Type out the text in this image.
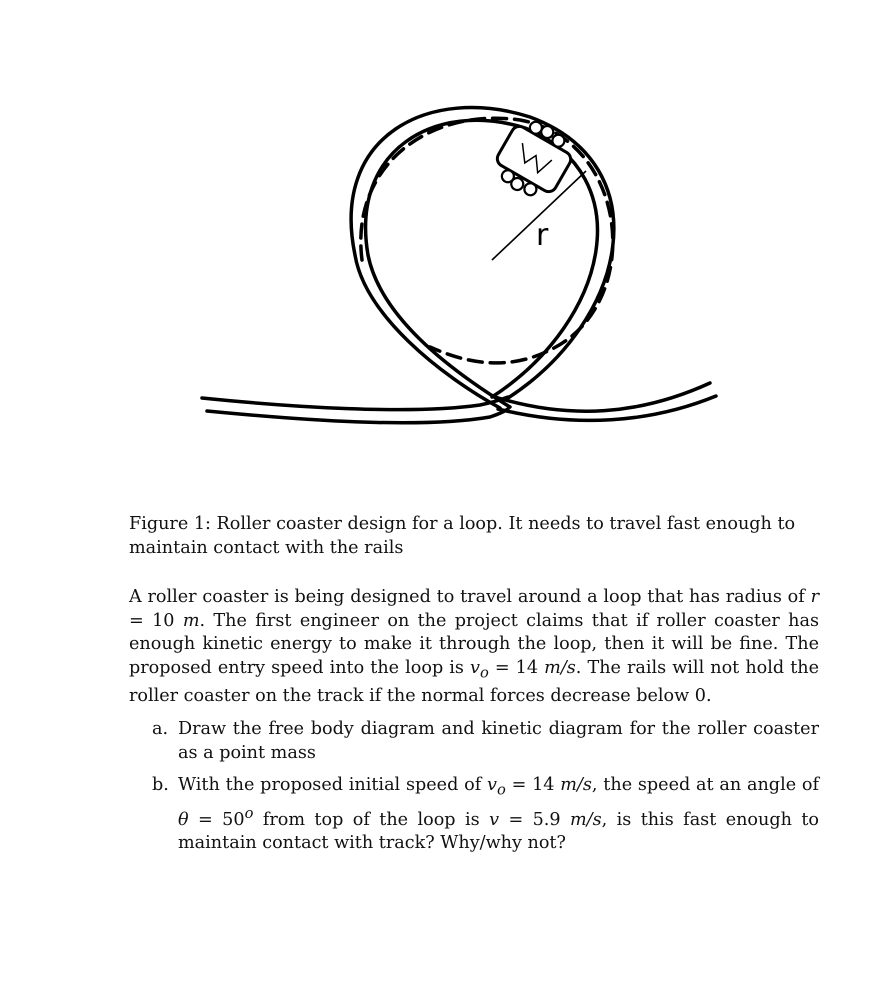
r
Figure 1: Roller coaster design for a loop. It needs to travel fast enough to maintain contact with the rails
A roller coaster is being designed to travel around a loop that has radius of r = 10 m. The first engineer on the project claims that if roller coaster has enough kinetic energy to make it through the loop, then it will be fine. The proposed entry speed into the loop is $v_o = 14$ m/s. The rails will not hold the roller coaster on the track if the normal forces decrease below 0.
a. Draw the free body diagram and kinetic diagram for the roller coaster as a point mass
b. With the proposed initial speed of $v_o = 14$ m/s, the speed at an angle of $\theta = 50^o$ from top of the loop is v = 5.9 m/s, is this fast enough to maintain contact with track? Why/why not?
